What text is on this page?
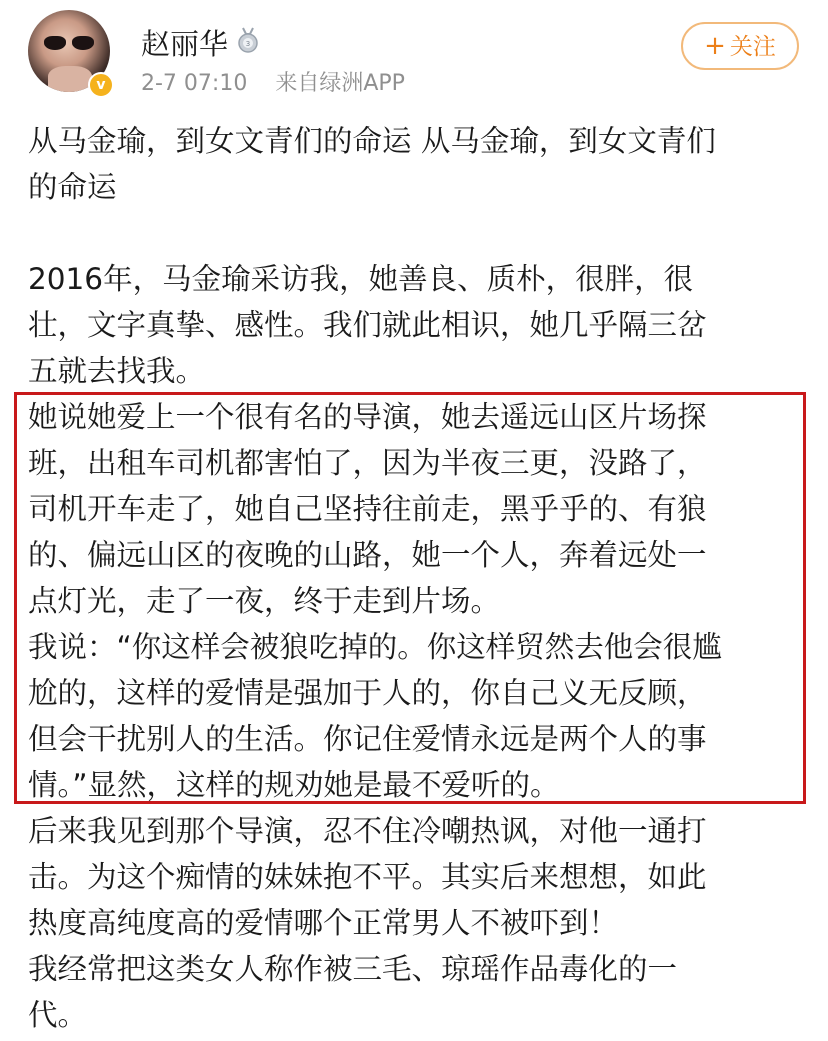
v
赵丽华	3
2-7 07:10 来自绿洲APP
+ 关注

从马金瑜，到女文青们的命运 从马金瑜，到女文青们
的命运

2016年，马金瑜采访我，她善良、质朴，很胖，很
壮，文字真挚、感性。我们就此相识，她几乎隔三岔
五就去找我。

她说她爱上一个很有名的导演，她去遥远山区片场探
班，出租车司机都害怕了，因为半夜三更，没路了，
司机开车走了，她自己坚持往前走，黑乎乎的、有狼
的、偏远山区的夜晚的山路，她一个人，奔着远处一
点灯光，走了一夜，终于走到片场。

我说：“你这样会被狼吃掉的。你这样贸然去他会很尴
尬的，这样的爱情是强加于人的，你自己义无反顾，
但会干扰别人的生活。你记住爱情永远是两个人的事
情。”显然，这样的规劝她是最不爱听的。

后来我见到那个导演，忍不住冷嘲热讽，对他一通打
击。为这个痴情的妹妹抱不平。其实后来想想，如此
热度高纯度高的爱情哪个正常男人不被吓到！

我经常把这类女人称作被三毛、琼瑶作品毒化的一
代。
